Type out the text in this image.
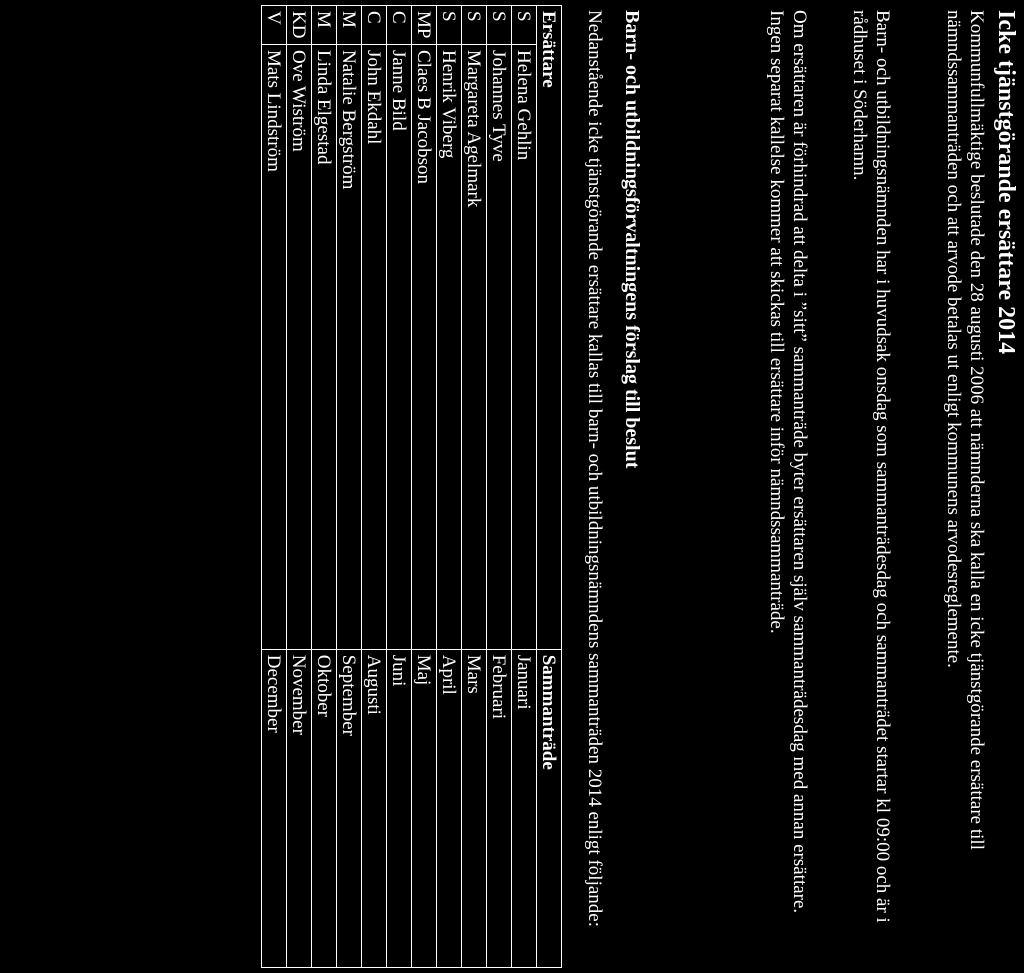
Icke tjänstgörande ersättare 2014

Kommunfullmäktige beslutade den 28 augusti 2006 att nämnderna ska kalla en icke tjänstgörande ersättare till nämndssammanträden och att arvode betalas ut enligt kommunens arvodesreglemente.

Barn- och utbildningsnämnden har i huvudsak onsdag som sammanträdesdag och sammanträdet startar kl 09:00 och är i rådhuset i Söderhamn.

Om ersättaren är förhindrad att delta i ”sitt” sammanträde byter ersättaren själv sammanträdesdag med annan ersättare. Ingen separat kallelse kommer att skickas till ersättare inför nämndssammanträde.

Barn- och utbildningsförvaltningens förslag till beslut

Nedanstående icke tjänstgörande ersättare kallas till barn- och utbildningsnämndens sammanträden 2014 enligt följande:

Ersättare		Sammanträde
S	Helena Gehlin	Januari
S	Johannes Tyve	Februari
S	Margareta Agelmark	Mars
S	Henrik Viberg	April
MP	Claes B Jacobson	Maj
C	Janne Bild	Juni
C	John Ekdahl	Augusti
M	Natalie Bergström	September
M	Linda Elgestad	Oktober
KD	Ove Wiström	November
V	Mats Lindström	December
